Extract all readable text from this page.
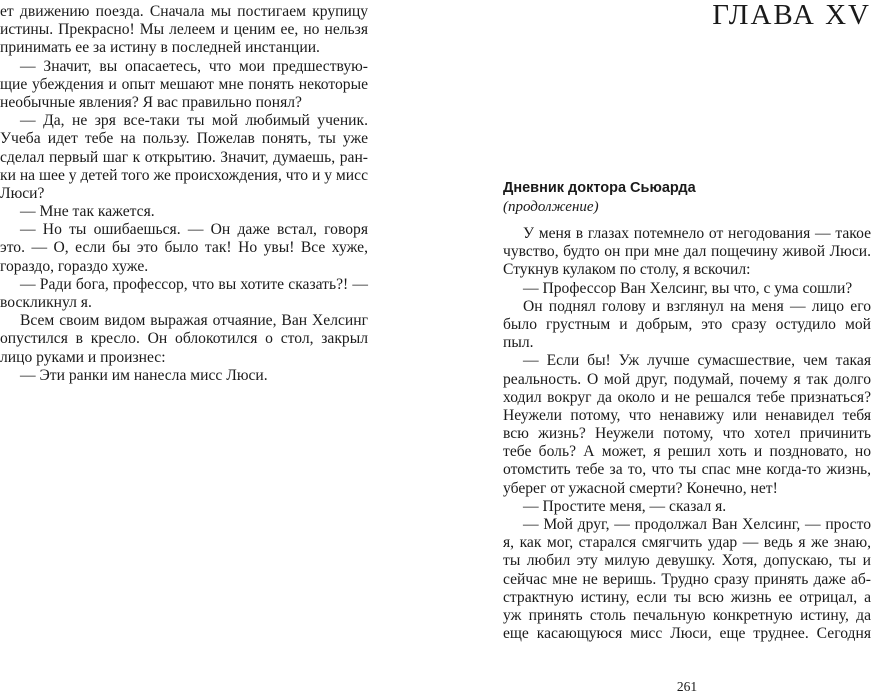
ет движению поезда. Сначала мы постигаем крупицу
истины. Прекрасно! Мы лелеем и ценим ее, но нельзя
принимать ее за истину в последней инстанции.
— Значит, вы опасаетесь, что мои предшествую-
щие убеждения и опыт мешают мне понять некоторые
необычные явления? Я вас правильно понял?
— Да, не зря все-таки ты мой любимый ученик.
Учеба идет тебе на пользу. Пожелав понять, ты уже
сделал первый шаг к открытию. Значит, думаешь, ран-
ки на шее у детей того же происхождения, что и у мисс
Люси?
— Мне так кажется.
— Но ты ошибаешься. — Он даже встал, говоря
это. — О, если бы это было так! Но увы! Все хуже,
гораздо, гораздо хуже.
— Ради бога, профессор, что вы хотите сказать?! —
воскликнул я.
Всем своим видом выражая отчаяние, Ван Хелсинг
опустился в кресло. Он облокотился о стол, закрыл
лицо руками и произнес:
— Эти ранки им нанесла мисс Люси.
ГЛАВА XV
Дневник доктора Сьюарда
(продолжение)
У меня в глазах потемнело от негодования — такое
чувство, будто он при мне дал пощечину живой Люси.
Стукнув кулаком по столу, я вскочил:
— Профессор Ван Хелсинг, вы что, с ума сошли?
Он поднял голову и взглянул на меня — лицо его
было грустным и добрым, это сразу остудило мой
пыл.
— Если бы! Уж лучше сумасшествие, чем такая
реальность. О мой друг, подумай, почему я так долго
ходил вокруг да около и не решался тебе признаться?
Неужели потому, что ненавижу или ненавидел тебя
всю жизнь? Неужели потому, что хотел причинить
тебе боль? А может, я решил хоть и поздновато, но
отомстить тебе за то, что ты спас мне когда-то жизнь,
уберег от ужасной смерти? Конечно, нет!
— Простите меня, — сказал я.
— Мой друг, — продолжал Ван Хелсинг, — просто
я, как мог, старался смягчить удар — ведь я же знаю,
ты любил эту милую девушку. Хотя, допускаю, ты и
сейчас мне не веришь. Трудно сразу принять даже аб-
страктную истину, если ты всю жизнь ее отрицал, а
уж принять столь печальную конкретную истину, да
еще касающуюся мисс Люси, еще труднее. Сегодня
261
